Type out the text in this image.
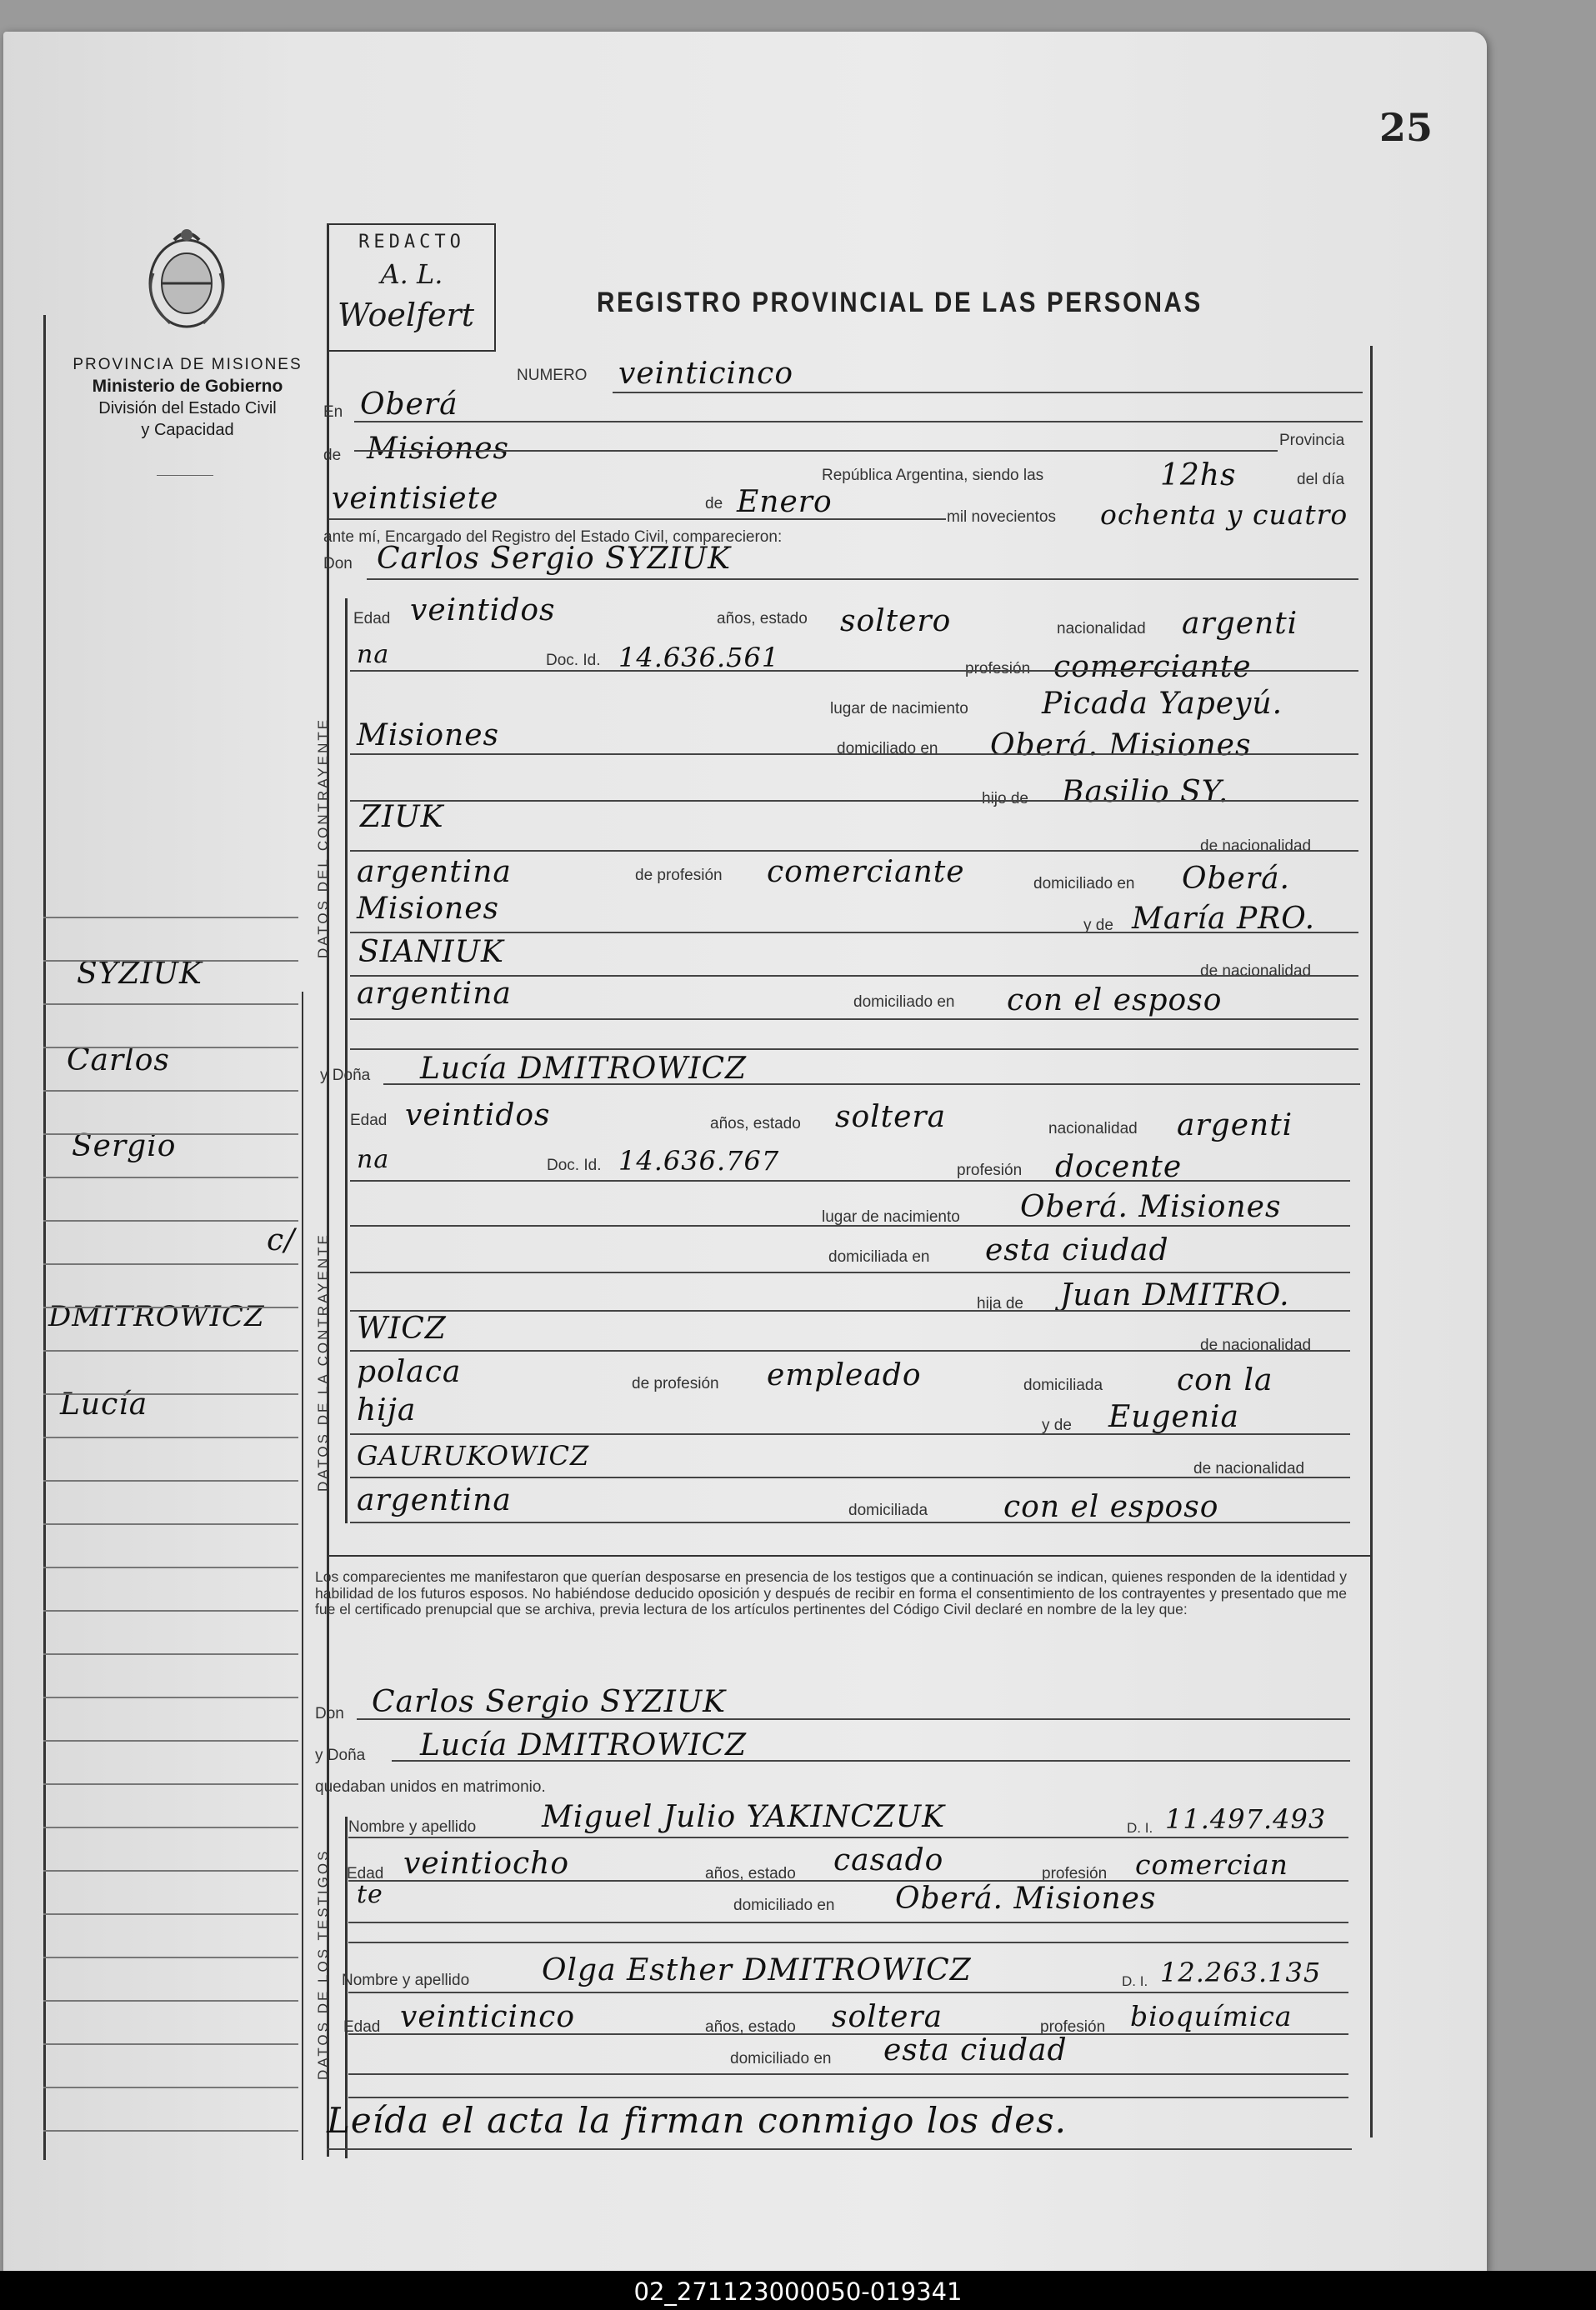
25
PROVINCIA DE MISIONES
Ministerio de Gobierno
División del Estado Civil
y Capacidad
REDACTO
A. L.
Woelfert	REGISTRO PROVINCIAL DE LAS PERSONAS
DATOS DEL CONTRAYENTE
DATOS DE LA CONTRAYENTE
DATOS DE LOS TESTIGOS
SYZIUK
Carlos
Sergio
c/
DMITROWICZ
Lucía
NUMERO veinticinco
En Oberá
de Misiones	Provincia
República Argentina, siendo las	12hs	del día
veintisiete	de Enero	mil novecientos ochenta y cuatro
ante mí, Encargado del Registro del Estado Civil, comparecieron:
Don Carlos Sergio SYZIUK
Edad veintidos	años, estado soltero	nacionalidad argenti
na	Doc. Id. 14.636.561	profesión comerciante
lugar de nacimiento Picada Yapeyú.
Misiones	domiciliado en Oberá. Misiones
hijo de Basilio SY.
ZIUK
de nacionalidad
argentina	de profesión comerciante	domiciliado en Oberá.
Misiones	y de María PRO.
SIANIUK
de nacionalidad
argentina	domiciliado en con el esposo
y Doña Lucía DMITROWICZ
Edad veintidos	años, estado soltera	nacionalidad argenti
na	Doc. Id. 14.636.767	profesión docente
lugar de nacimiento Oberá. Misiones
domiciliada en esta ciudad
hija de Juan DMITRO.
WICZ	de nacionalidad
polaca	de profesión empleado	domiciliada con la
hija	y de Eugenia
GAURUKOWICZ	de nacionalidad
argentina	domiciliada	con el esposo
Los comparecientes me manifestaron que querían desposarse en presencia de los testigos que a continuación se indican, quienes responden de la identidad y habilidad de los futuros esposos. No habiéndose deducido oposición y después de recibir en forma el consentimiento de los contrayentes y presentado que me fue el certificado prenupcial que se archiva, previa lectura de los artículos pertinentes del Código Civil declaré en nombre de la ley que:
Don Carlos Sergio SYZIUK
y Doña Lucía DMITROWICZ
quedaban unidos en matrimonio.
Nombre y apellido Miguel Julio YAKINCZUK	D. I. 11.497.493
Edad veintiocho	años, estado casado	profesión comercian
te	domiciliado en Oberá. Misiones
Nombre y apellido Olga Esther DMITROWICZ	D. I. 12.263.135
Edad veinticinco	años, estado soltera	profesión bioquímica
domiciliado en esta ciudad
Leída el acta la firman conmigo los des.
02_271123000050-019341
